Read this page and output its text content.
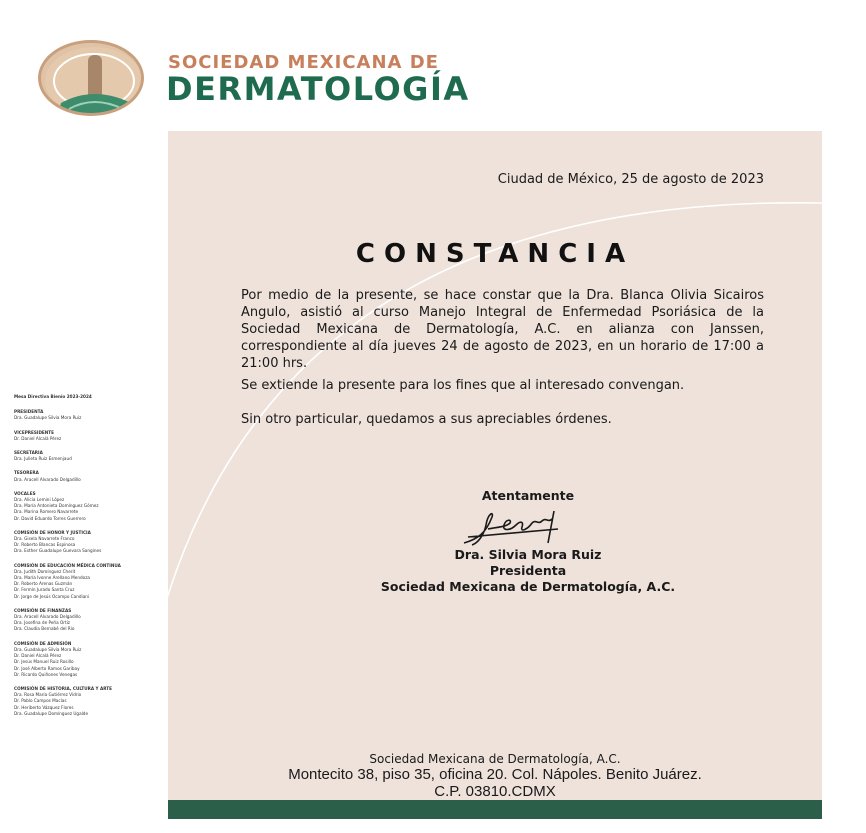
SOCIEDAD MEXICANA DE
DERMATOLOGÍA
Mesa Directiva Bienio 2023-2024
PRESIDENTA
Dra. Guadalupe Silvia Mora Ruiz
VICEPRESIDENTE
Dr. Daniel Alcalá Pérez
SECRETARIA
Dra. Julieta Ruiz Esmenjaud
TESORERA
Dra. Aracell Alvarado Delgadillo
VOCALES
Dra. Alicia Lemini López
Dra. María Antonieta Domínguez Gómez
Dra. Marina Romero Navarrete
Dr. David Eduardo Torres Guerrero
COMISIÓN DE HONOR Y JUSTICIA
Dra. Gisela Navarrete Franco
Dr. Roberto Blancas Espinosa
Dra. Esther Guadalupe Guevara Sangines
COMISIÓN DE EDUCACIÓN MÉDICA CONTINUA
Dra. Judith Domínguez Cherit
Dra. María Ivonne Arellano Mendoza
Dr. Roberto Arenas Guzmán
Dr. Fermín Jurado Santa Cruz
Dr. Jorge de Jesús Ocampo Candiani
COMISIÓN DE FINANZAS
Dra. Aracell Alvarado Delgadillo
Dra. Josefina de Peña Ortiz
Dra. Claudia Bernabé del Río
COMISIÓN DE ADMISIÓN
Dra. Guadalupe Silvia Mora Ruiz
Dr. Daniel Alcalá Pérez
Dr. Jesús Manuel Ruiz Rosillo
Dr. José Alberto Ramos Garibay
Dr. Ricardo Quiñones Venegas
COMISIÓN DE HISTORIA, CULTURA Y ARTE
Dra. Rosa María Gutiérrez Vidrio
Dr. Pablo Campos Macías
Dr. Heriberto Vázquez Flores
Dra. Guadalupe Domínguez Ugalde
Ciudad de México, 25 de agosto de 2023
CONSTANCIA
Por medio de la presente, se hace constar que la Dra. Blanca Olivia Sicairos Angulo, asistió al curso Manejo Integral de Enfermedad Psoriásica de la Sociedad Mexicana de Dermatología, A.C. en alianza con Janssen, correspondiente al día jueves 24 de agosto de 2023, en un horario de 17:00 a 21:00 hrs.
Se extiende la presente para los fines que al interesado convengan.
Sin otro particular, quedamos a sus apreciables órdenes.
Atentamente
Dra. Silvia Mora Ruiz
Presidenta
Sociedad Mexicana de Dermatología, A.C.
Sociedad Mexicana de Dermatología, A.C.
Montecito 38, piso 35, oficina 20. Col. Nápoles. Benito Juárez.
C.P. 03810.CDMX
